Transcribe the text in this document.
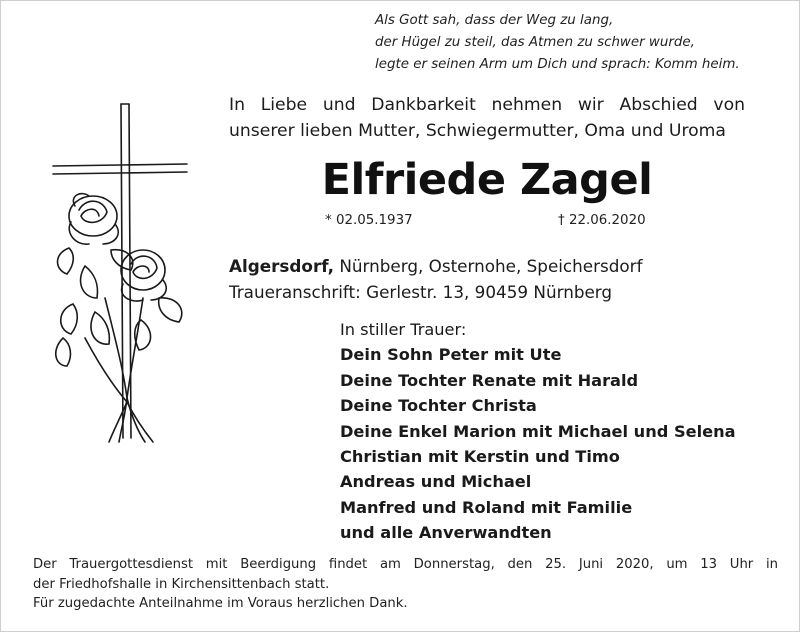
Als Gott sah, dass der Weg zu lang,
der Hügel zu steil, das Atmen zu schwer wurde,
legte er seinen Arm um Dich und sprach: Komm heim.
In Liebe und Dankbarkeit nehmen wir Abschied von
unserer lieben Mutter, Schwiegermutter, Oma und Uroma
Elfriede Zagel
* 02.05.1937	† 22.06.2020
Algersdorf, Nürnberg, Osternohe, Speichersdorf
Traueranschrift: Gerlestr. 13, 90459 Nürnberg
In stiller Trauer:
Dein Sohn Peter mit Ute
Deine Tochter Renate mit Harald
Deine Tochter Christa
Deine Enkel Marion mit Michael und Selena
Christian mit Kerstin und Timo
Andreas und Michael
Manfred und Roland mit Familie
und alle Anverwandten
Der Trauergottesdienst mit Beerdigung findet am Donnerstag, den 25. Juni 2020, um 13 Uhr in
der Friedhofshalle in Kirchensittenbach statt.
Für zugedachte Anteilnahme im Voraus herzlichen Dank.
